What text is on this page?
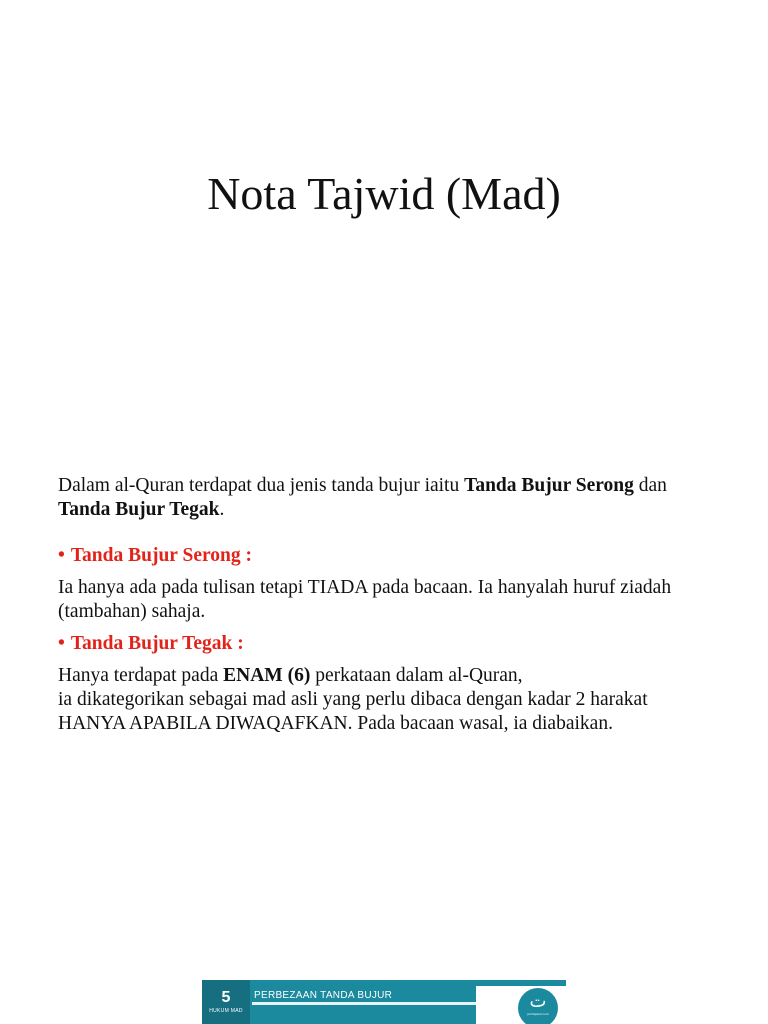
Nota Tajwid (Mad)

Dalam al-Quran terdapat dua jenis tanda bujur iaitu Tanda Bujur Serong dan Tanda Bujur Tegak.

• Tanda Bujur Serong :

Ia hanya ada pada tulisan tetapi TIADA pada bacaan. Ia hanyalah huruf ziadah (tambahan) sahaja.

• Tanda Bujur Tegak :

Hanya terdapat pada ENAM (6) perkataan dalam al-Quran,
ia dikategorikan sebagai mad asli yang perlu dibaca dengan kadar 2 harakat HANYA APABILA DIWAQAFKAN. Pada bacaan wasal, ia diabaikan.

5
HUKUM MAD
PERBEZAAN TANDA BUJUR	ت
jomtajwid.com
